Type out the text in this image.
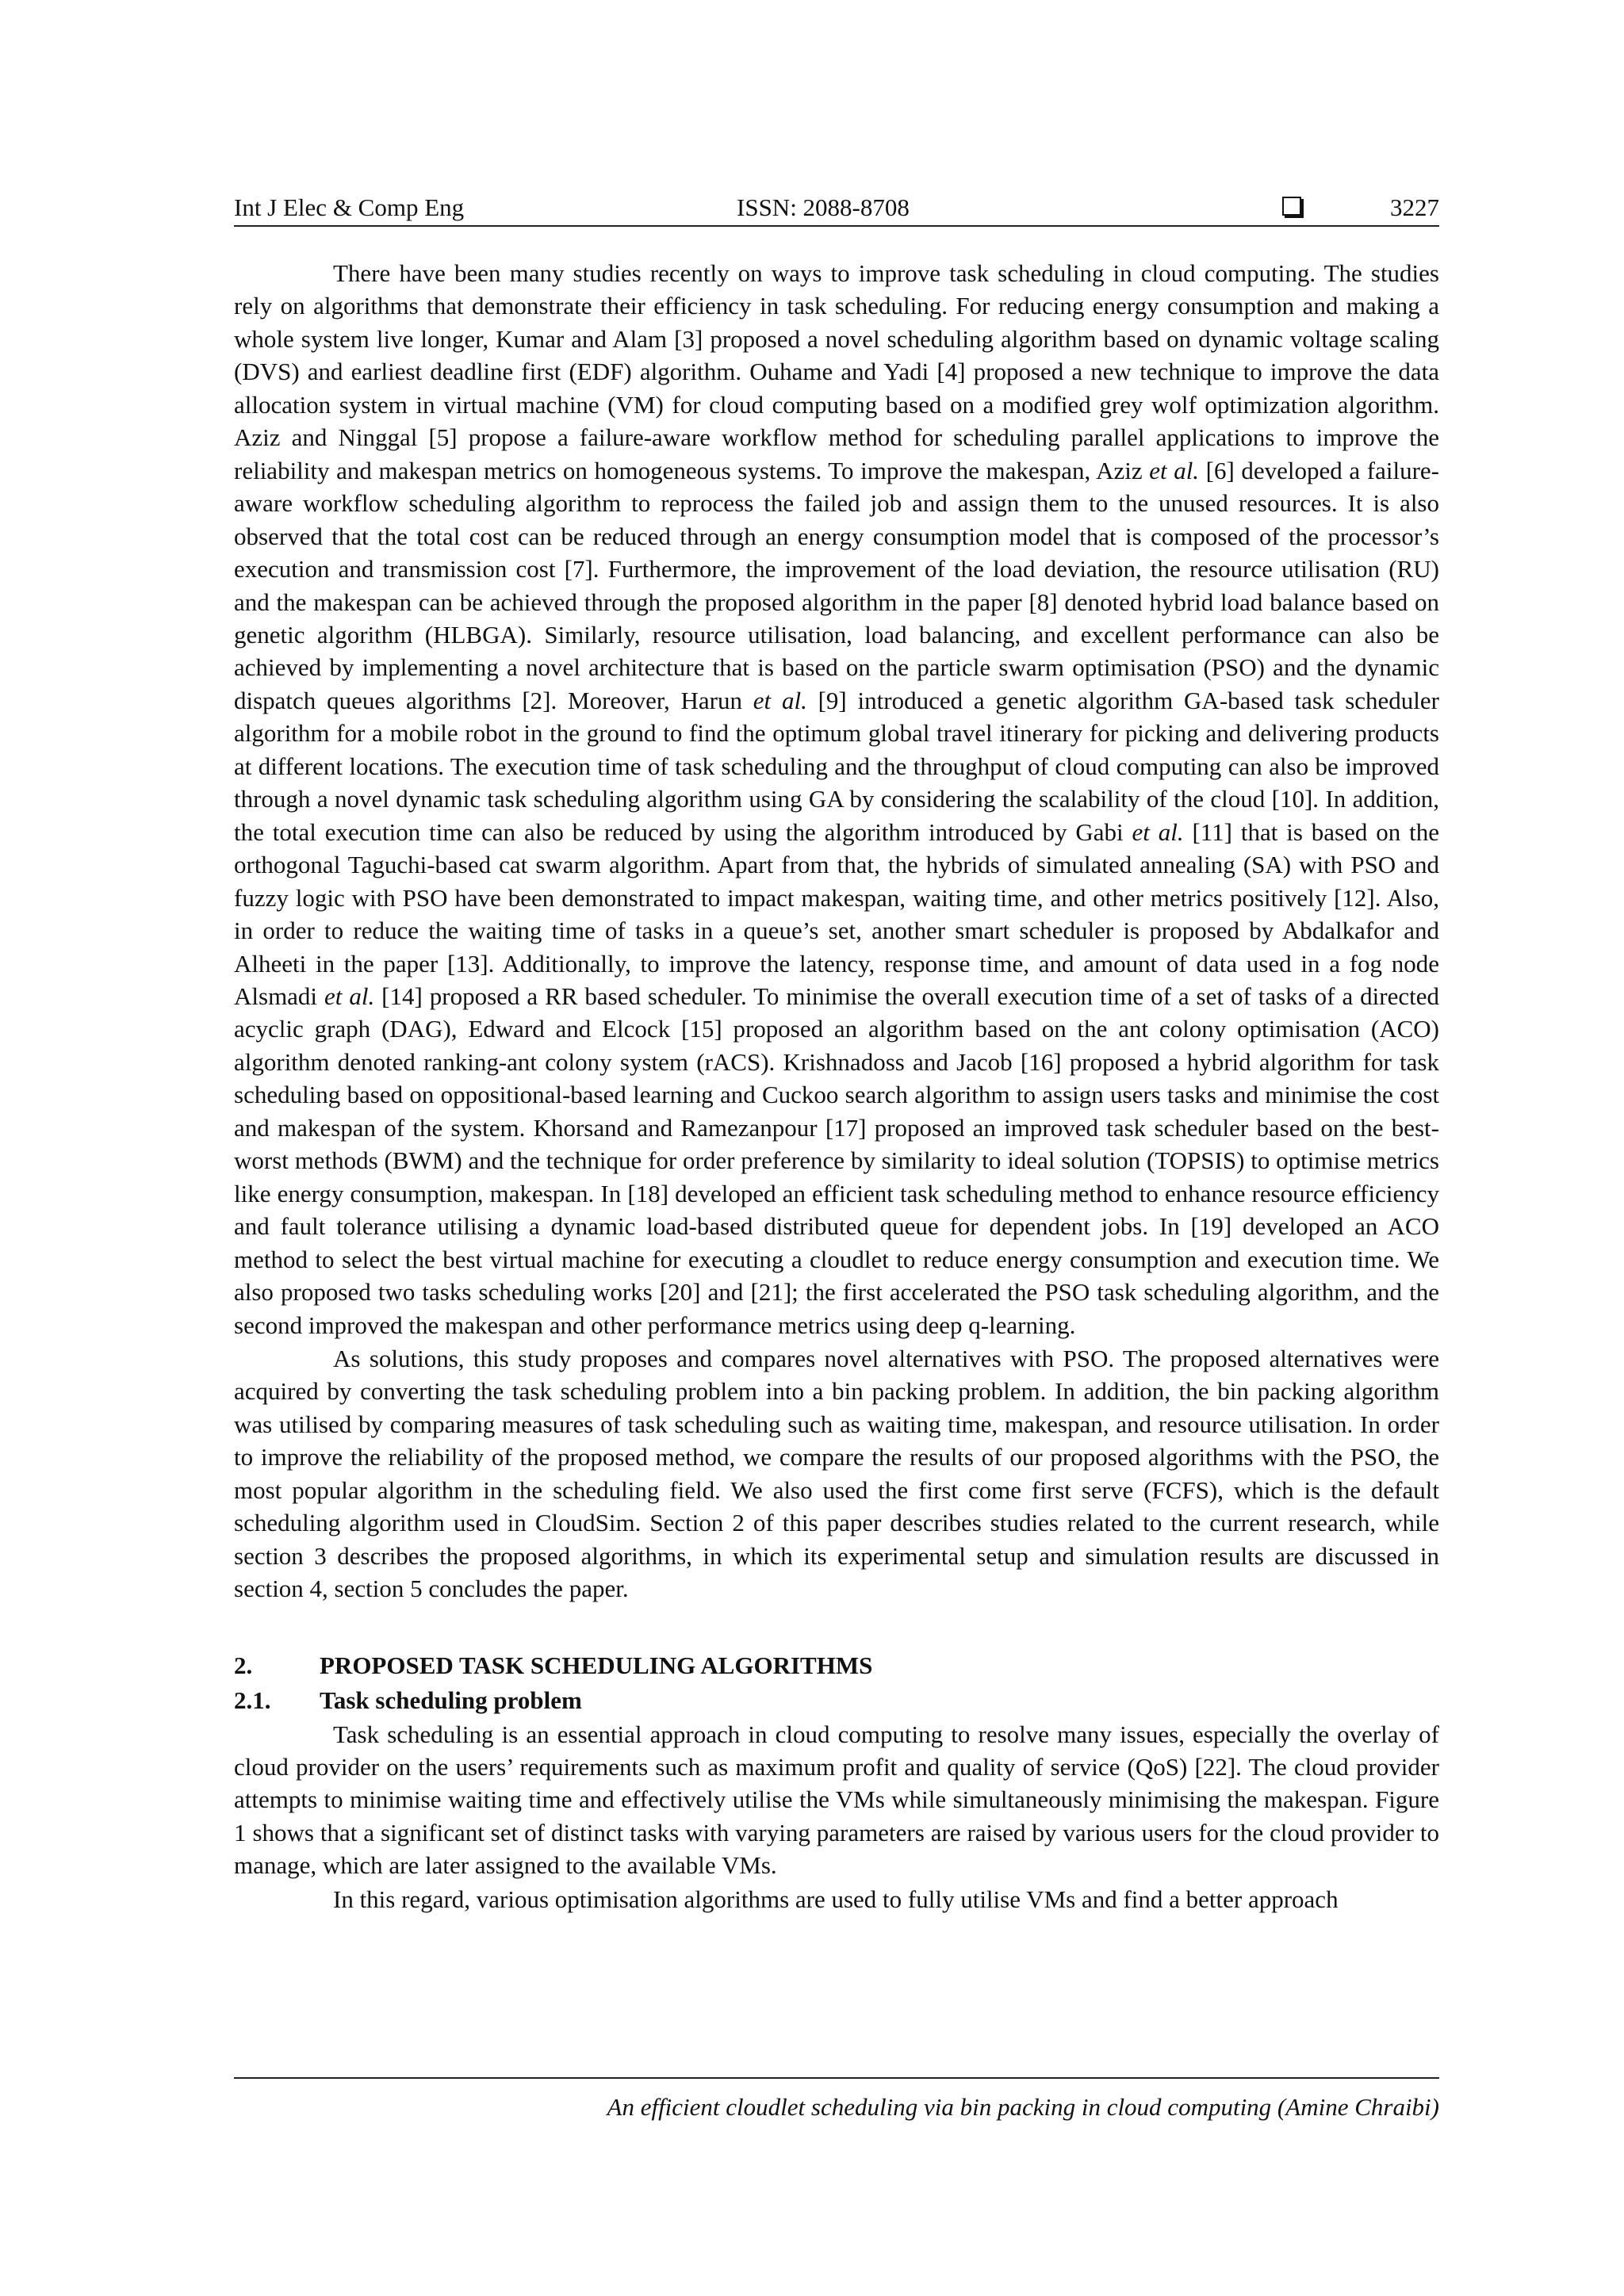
Int J Elec & Comp Eng	ISSN: 2088-8708	3227

There have been many studies recently on ways to improve task scheduling in cloud computing. The studies rely on algorithms that demonstrate their efficiency in task scheduling. For reducing energy consumption and making a whole system live longer, Kumar and Alam [3] proposed a novel scheduling algorithm based on dynamic voltage scaling (DVS) and earliest deadline first (EDF) algorithm. Ouhame and Yadi [4] proposed a new technique to improve the data allocation system in virtual machine (VM) for cloud computing based on a modified grey wolf optimization algorithm. Aziz and Ninggal [5] propose a failure-aware workflow method for scheduling parallel applications to improve the reliability and makespan metrics on homogeneous systems. To improve the makespan, Aziz et al. [6] developed a failure-aware workflow scheduling algorithm to reprocess the failed job and assign them to the unused resources. It is also observed that the total cost can be reduced through an energy consumption model that is composed of the processor’s execution and transmission cost [7]. Furthermore, the improvement of the load deviation, the resource utilisation (RU) and the makespan can be achieved through the proposed algorithm in the paper [8] denoted hybrid load balance based on genetic algorithm (HLBGA). Similarly, resource utilisation, load balancing, and excellent performance can also be achieved by implementing a novel architecture that is based on the particle swarm optimisation (PSO) and the dynamic dispatch queues algorithms [2]. Moreover, Harun et al. [9] introduced a genetic algorithm GA-based task scheduler algorithm for a mobile robot in the ground to find the optimum global travel itinerary for picking and delivering products at different locations. The execution time of task scheduling and the throughput of cloud computing can also be improved through a novel dynamic task scheduling algorithm using GA by considering the scalability of the cloud [10]. In addition, the total execution time can also be reduced by using the algorithm introduced by Gabi et al. [11] that is based on the orthogonal Taguchi-based cat swarm algorithm. Apart from that, the hybrids of simulated annealing (SA) with PSO and fuzzy logic with PSO have been demonstrated to impact makespan, waiting time, and other metrics positively [12]. Also, in order to reduce the waiting time of tasks in a queue’s set, another smart scheduler is proposed by Abdalkafor and Alheeti in the paper [13]. Additionally, to improve the latency, response time, and amount of data used in a fog node Alsmadi et al. [14] proposed a RR based scheduler. To minimise the overall execution time of a set of tasks of a directed acyclic graph (DAG), Edward and Elcock [15] proposed an algorithm based on the ant colony optimisation (ACO) algorithm denoted ranking-ant colony system (rACS). Krishnadoss and Jacob [16] proposed a hybrid algorithm for task scheduling based on oppositional-based learning and Cuckoo search algorithm to assign users tasks and minimise the cost and makespan of the system. Khorsand and Ramezanpour [17] proposed an improved task scheduler based on the best-worst methods (BWM) and the technique for order preference by similarity to ideal solution (TOPSIS) to optimise metrics like energy consumption, makespan. In [18] developed an efficient task scheduling method to enhance resource efficiency and fault tolerance utilising a dynamic load-based distributed queue for dependent jobs. In [19] developed an ACO method to select the best virtual machine for executing a cloudlet to reduce energy consumption and execution time. We also proposed two tasks scheduling works [20] and [21]; the first accelerated the PSO task scheduling algorithm, and the second improved the makespan and other performance metrics using deep q-learning.

As solutions, this study proposes and compares novel alternatives with PSO. The proposed alternatives were acquired by converting the task scheduling problem into a bin packing problem. In addition, the bin packing algorithm was utilised by comparing measures of task scheduling such as waiting time, makespan, and resource utilisation. In order to improve the reliability of the proposed method, we compare the results of our proposed algorithms with the PSO, the most popular algorithm in the scheduling field. We also used the first come first serve (FCFS), which is the default scheduling algorithm used in CloudSim. Section 2 of this paper describes studies related to the current research, while section 3 describes the proposed algorithms, in which its experimental setup and simulation results are discussed in section 4, section 5 concludes the paper.

2.	PROPOSED TASK SCHEDULING ALGORITHMS
2.1. Task scheduling problem

Task scheduling is an essential approach in cloud computing to resolve many issues, especially the overlay of cloud provider on the users’ requirements such as maximum profit and quality of service (QoS) [22]. The cloud provider attempts to minimise waiting time and effectively utilise the VMs while simultaneously minimising the makespan. Figure 1 shows that a significant set of distinct tasks with varying parameters are raised by various users for the cloud provider to manage, which are later assigned to the available VMs.

In this regard, various optimisation algorithms are used to fully utilise VMs and find a better approach

An efficient cloudlet scheduling via bin packing in cloud computing (Amine Chraibi)
